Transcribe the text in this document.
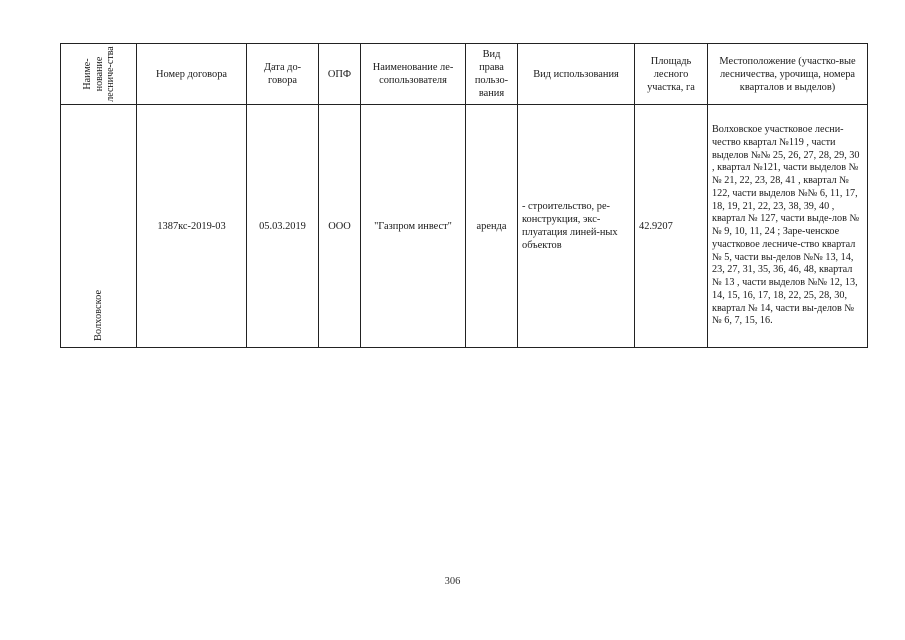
Наиме-нование лесниче-ства	Номер договора	Дата до-говора	ОПФ	Наименование ле-сопользователя	Вид права пользо-вания	Вид использования	Площадь лесного участка, га	Местоположение (участко-вые лесничества, урочища, номера кварталов и выделов)

Волховское	1387кс-2019-03	05.03.2019	ООО	"Газпром инвест"	аренда	- строительство, ре-конструкция, экс-плуатация линей-ных объектов	42.9207	Волховское участковое лесни-чество квартал №119 , части выделов №№ 25, 26, 27, 28, 29, 30 , квартал №121, части выделов №№ 21, 22, 23, 28, 41 , квартал № 122, части выделов №№ 6, 11, 17, 18, 19, 21, 22, 23, 38, 39, 40 , квартал № 127, части выде-лов №№ 9, 10, 11, 24 ; Заре-ченское участковое лесниче-ство квартал № 5, части вы-делов №№ 13, 14, 23, 27, 31, 35, 36, 46, 48, квартал № 13 , части выделов №№ 12, 13, 14, 15, 16, 17, 18, 22, 25, 28, 30, квартал № 14, части вы-делов №№ 6, 7, 15, 16.
306
